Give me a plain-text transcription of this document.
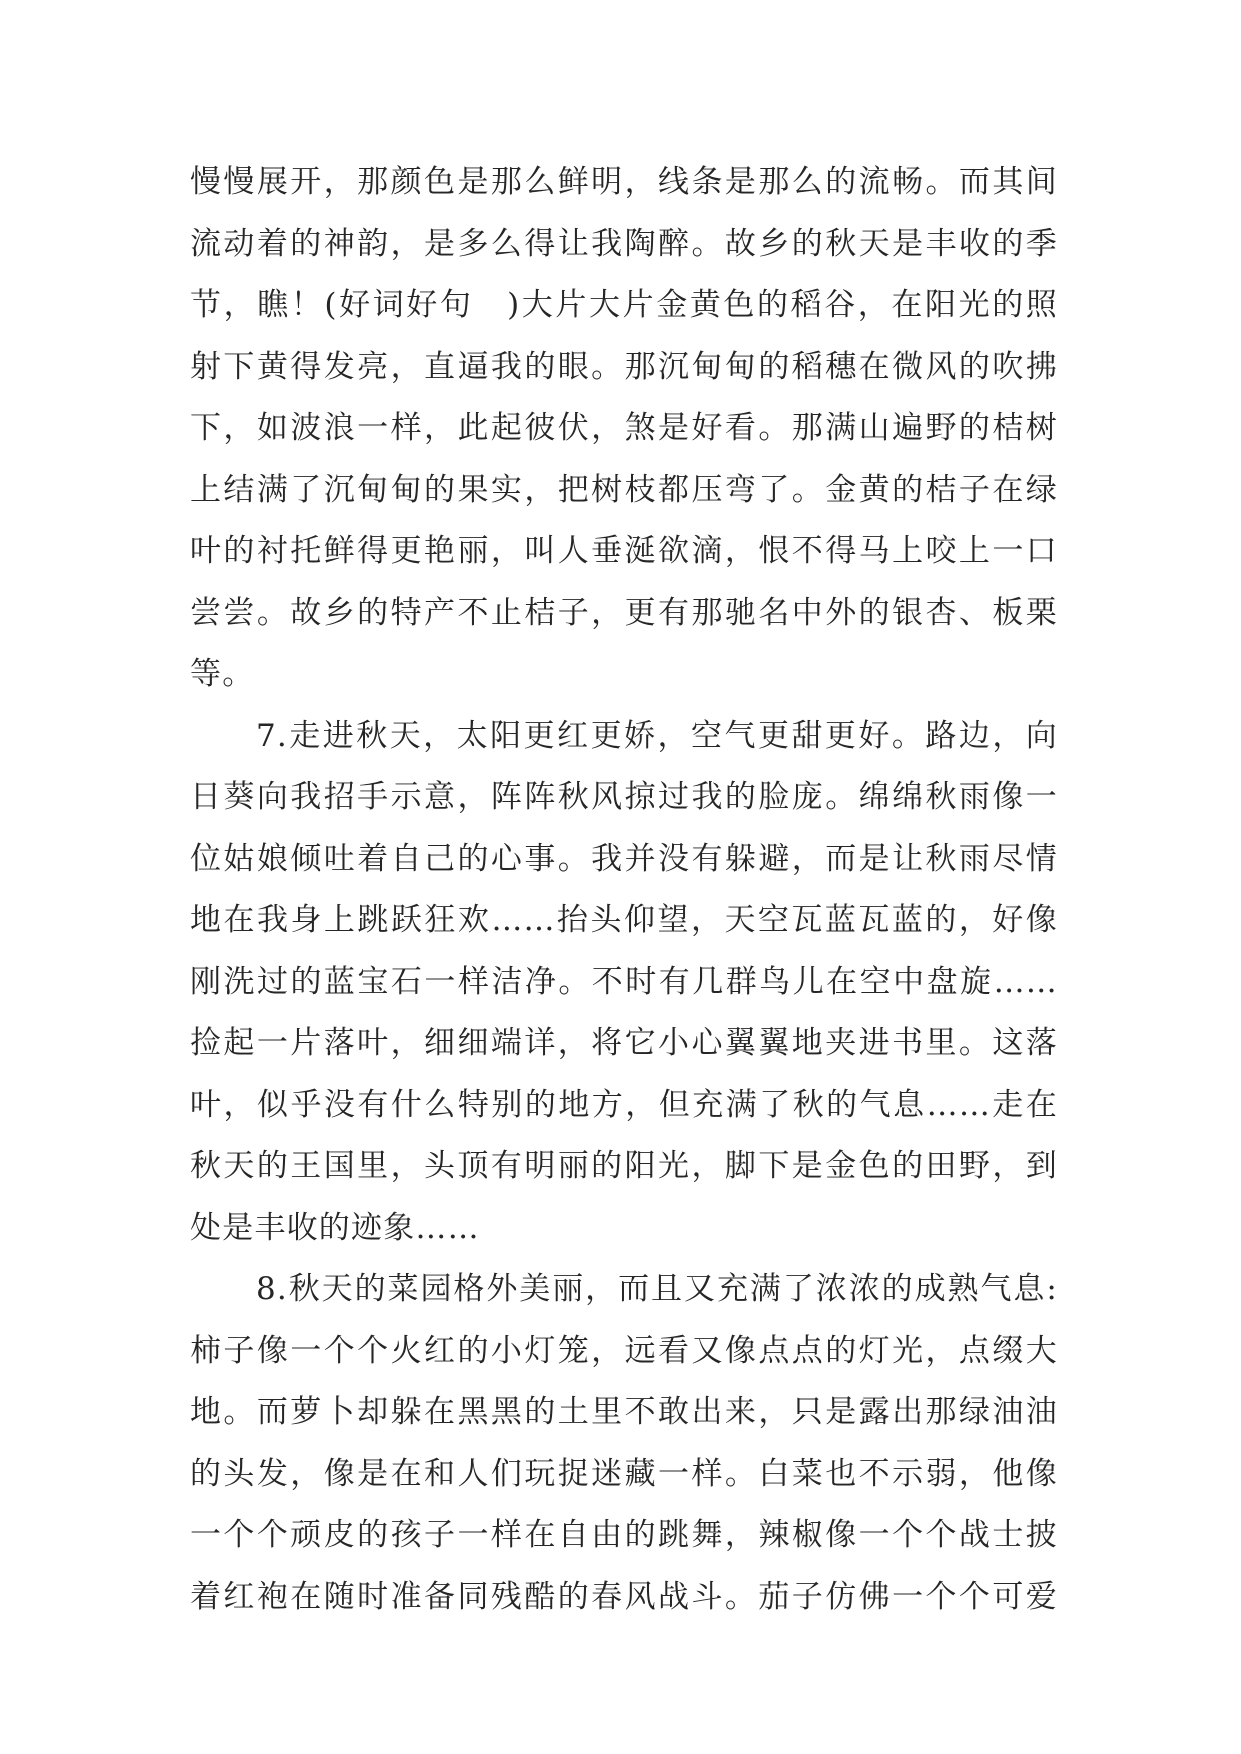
慢慢展开，那颜色是那么鲜明，线条是那么的流畅。而其间
流动着的神韵，是多么得让我陶醉。故乡的秋天是丰收的季
节，瞧！(好词好句　)大片大片金黄色的稻谷，在阳光的照
射下黄得发亮，直逼我的眼。那沉甸甸的稻穗在微风的吹拂
下，如波浪一样，此起彼伏，煞是好看。那满山遍野的桔树
上结满了沉甸甸的果实，把树枝都压弯了。金黄的桔子在绿
叶的衬托鲜得更艳丽，叫人垂涎欲滴，恨不得马上咬上一口
尝尝。故乡的特产不止桔子，更有那驰名中外的银杏、板栗
等。
7.走进秋天，太阳更红更娇，空气更甜更好。路边，向
日葵向我招手示意，阵阵秋风掠过我的脸庞。绵绵秋雨像一
位姑娘倾吐着自己的心事。我并没有躲避，而是让秋雨尽情
地在我身上跳跃狂欢……抬头仰望，天空瓦蓝瓦蓝的，好像
刚洗过的蓝宝石一样洁净。不时有几群鸟儿在空中盘旋……
捡起一片落叶，细细端详，将它小心翼翼地夹进书里。这落
叶，似乎没有什么特别的地方，但充满了秋的气息……走在
秋天的王国里，头顶有明丽的阳光，脚下是金色的田野，到
处是丰收的迹象……
8.秋天的菜园格外美丽，而且又充满了浓浓的成熟气息:
柿子像一个个火红的小灯笼，远看又像点点的灯光，点缀大
地。而萝卜却躲在黑黑的土里不敢出来，只是露出那绿油油
的头发，像是在和人们玩捉迷藏一样。白菜也不示弱，他像
一个个顽皮的孩子一样在自由的跳舞，辣椒像一个个战士披
着红袍在随时准备同残酷的春风战斗。茄子仿佛一个个可爱
